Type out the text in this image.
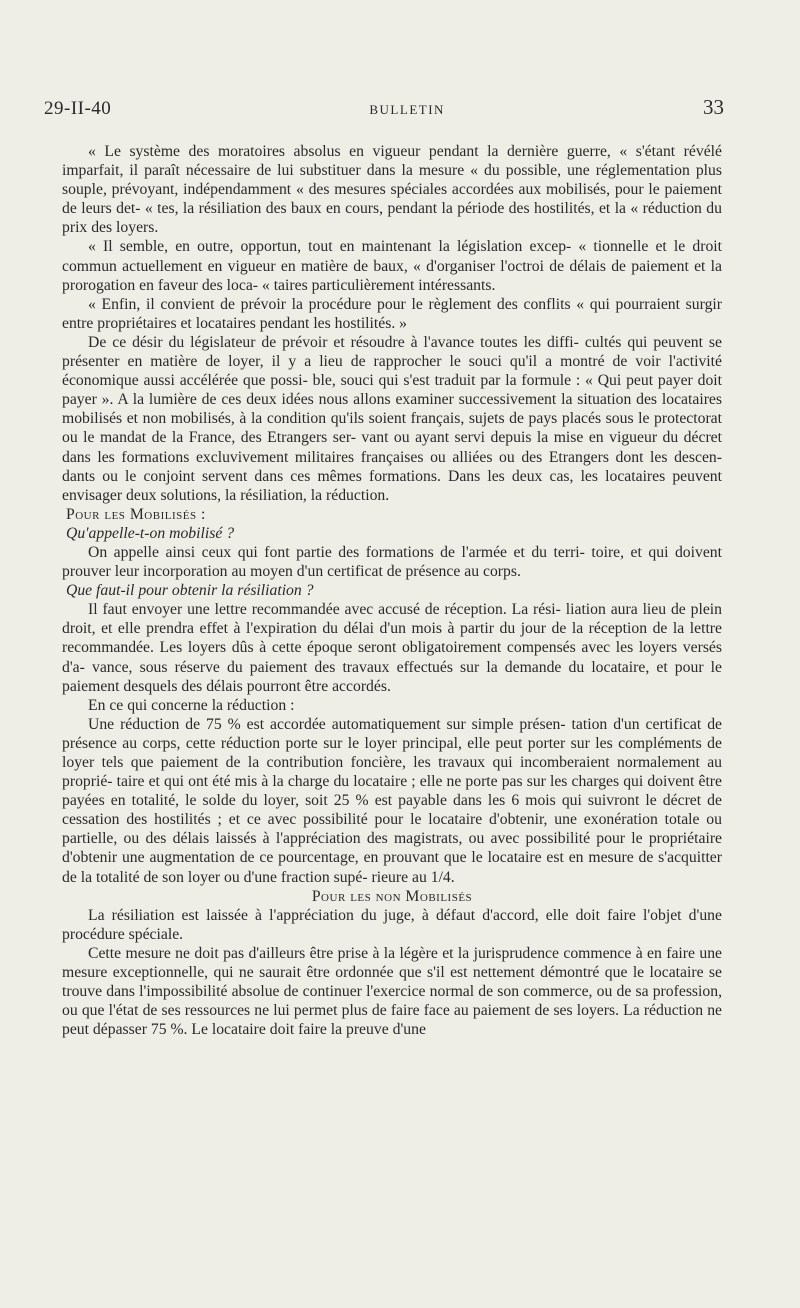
29-II-40	BULLETIN	33

« Le système des moratoires absolus en vigueur pendant la dernière guerre, « s'étant révélé imparfait, il paraît nécessaire de lui substituer dans la mesure « du possible, une réglementation plus souple, prévoyant, indépendamment « des mesures spéciales accordées aux mobilisés, pour le paiement de leurs det- « tes, la résiliation des baux en cours, pendant la période des hostilités, et la « réduction du prix des loyers.

« Il semble, en outre, opportun, tout en maintenant la législation excep- « tionnelle et le droit commun actuellement en vigueur en matière de baux, « d'organiser l'octroi de délais de paiement et la prorogation en faveur des loca- « taires particulièrement intéressants.

« Enfin, il convient de prévoir la procédure pour le règlement des conflits « qui pourraient surgir entre propriétaires et locataires pendant les hostilités. »

De ce désir du législateur de prévoir et résoudre à l'avance toutes les diffi- cultés qui peuvent se présenter en matière de loyer, il y a lieu de rapprocher le souci qu'il a montré de voir l'activité économique aussi accélérée que possi- ble, souci qui s'est traduit par la formule : « Qui peut payer doit payer ». A la lumière de ces deux idées nous allons examiner successivement la situation des locataires mobilisés et non mobilisés, à la condition qu'ils soient français, sujets de pays placés sous le protectorat ou le mandat de la France, des Etrangers ser- vant ou ayant servi depuis la mise en vigueur du décret dans les formations excluvivement militaires françaises ou alliées ou des Etrangers dont les descen- dants ou le conjoint servent dans ces mêmes formations. Dans les deux cas, les locataires peuvent envisager deux solutions, la résiliation, la réduction.

Pour les Mobilisés :

Qu'appelle-t-on mobilisé ?

On appelle ainsi ceux qui font partie des formations de l'armée et du terri- toire, et qui doivent prouver leur incorporation au moyen d'un certificat de présence au corps.

Que faut-il pour obtenir la résiliation ?

Il faut envoyer une lettre recommandée avec accusé de réception. La rési- liation aura lieu de plein droit, et elle prendra effet à l'expiration du délai d'un mois à partir du jour de la réception de la lettre recommandée. Les loyers dûs à cette époque seront obligatoirement compensés avec les loyers versés d'a- vance, sous réserve du paiement des travaux effectués sur la demande du locataire, et pour le paiement desquels des délais pourront être accordés.

En ce qui concerne la réduction :

Une réduction de 75 % est accordée automatiquement sur simple présen- tation d'un certificat de présence au corps, cette réduction porte sur le loyer principal, elle peut porter sur les compléments de loyer tels que paiement de la contribution foncière, les travaux qui incomberaient normalement au proprié- taire et qui ont été mis à la charge du locataire ; elle ne porte pas sur les charges qui doivent être payées en totalité, le solde du loyer, soit 25 % est payable dans les 6 mois qui suivront le décret de cessation des hostilités ; et ce avec possibilité pour le locataire d'obtenir, une exonération totale ou partielle, ou des délais laissés à l'appréciation des magistrats, ou avec possibilité pour le propriétaire d'obtenir une augmentation de ce pourcentage, en prouvant que le locataire est en mesure de s'acquitter de la totalité de son loyer ou d'une fraction supé- rieure au 1/4.

Pour les non Mobilisés

La résiliation est laissée à l'appréciation du juge, à défaut d'accord, elle doit faire l'objet d'une procédure spéciale.

Cette mesure ne doit pas d'ailleurs être prise à la légère et la jurisprudence commence à en faire une mesure exceptionnelle, qui ne saurait être ordonnée que s'il est nettement démontré que le locataire se trouve dans l'impossibilité absolue de continuer l'exercice normal de son commerce, ou de sa profession, ou que l'état de ses ressources ne lui permet plus de faire face au paiement de ses loyers. La réduction ne peut dépasser 75 %. Le locataire doit faire la preuve d'une
